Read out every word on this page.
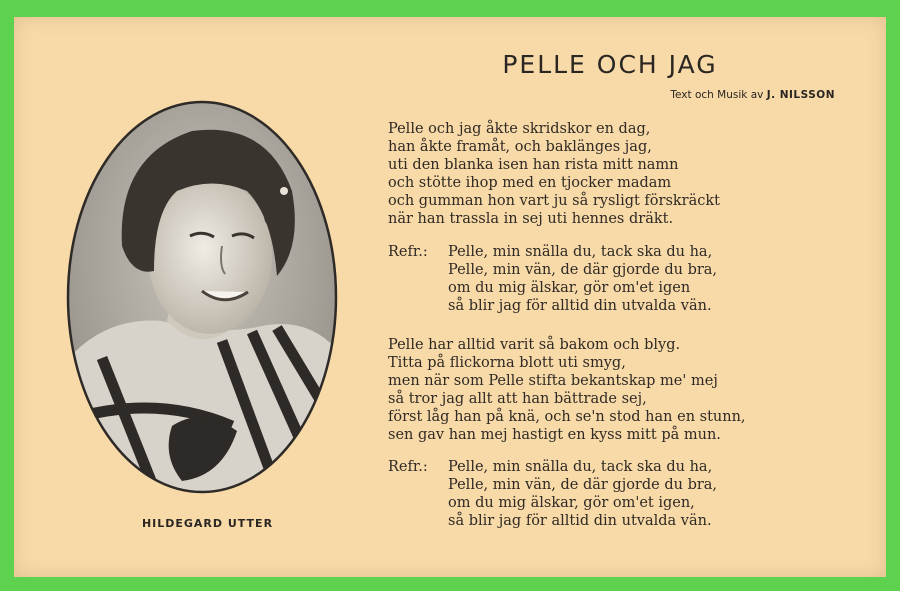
PELLE OCH JAG
Text och Musik av J. NILSSON
HILDEGARD UTTER
Pelle och jag åkte skridskor en dag,
han åkte framåt, och baklänges jag,
uti den blanka isen han rista mitt namn
och stötte ihop med en tjocker madam
och gumman hon vart ju så rysligt förskräckt
när han trassla in sej uti hennes dräkt.
Refr.:	Pelle, min snälla du, tack ska du ha,
Pelle, min vän, de där gjorde du bra,
om du mig älskar, gör om'et igen
så blir jag för alltid din utvalda vän.
Pelle har alltid varit så bakom och blyg.
Titta på flickorna blott uti smyg,
men när som Pelle stifta bekantskap me' mej
så tror jag allt att han bättrade sej,
först låg han på knä, och se'n stod han en stunn,
sen gav han mej hastigt en kyss mitt på mun.
Refr.:	Pelle, min snälla du, tack ska du ha,
Pelle, min vän, de där gjorde du bra,
om du mig älskar, gör om'et igen,
så blir jag för alltid din utvalda vän.
